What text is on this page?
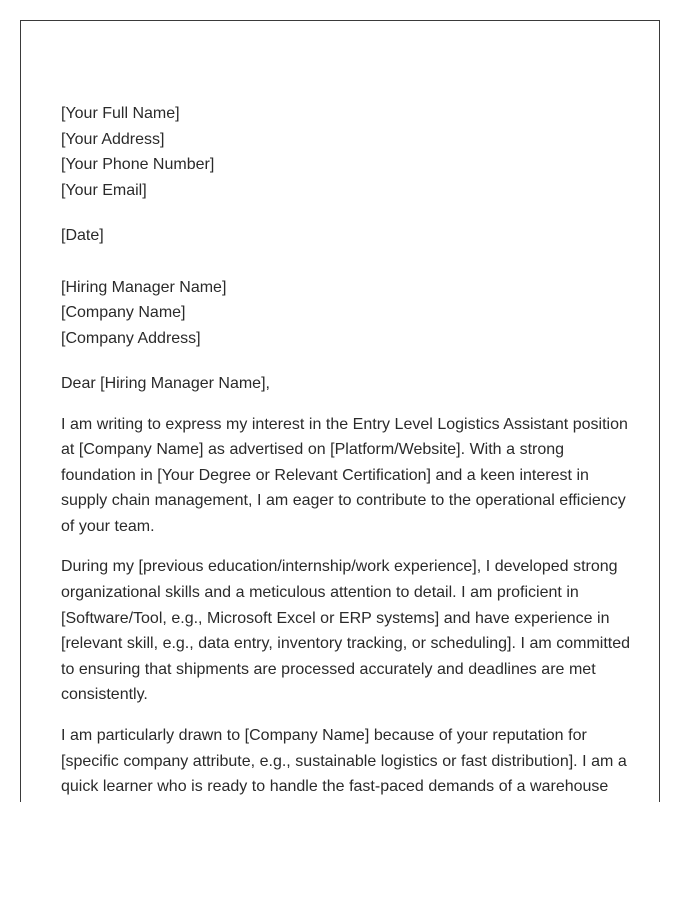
[Your Full Name]
[Your Address]
[Your Phone Number]
[Your Email]
[Date]
[Hiring Manager Name]
[Company Name]
[Company Address]
Dear [Hiring Manager Name],
I am writing to express my interest in the Entry Level Logistics Assistant position at [Company Name] as advertised on [Platform/Website]. With a strong foundation in [Your Degree or Relevant Certification] and a keen interest in supply chain management, I am eager to contribute to the operational efficiency of your team.
During my [previous education/internship/work experience], I developed strong organizational skills and a meticulous attention to detail. I am proficient in [Software/Tool, e.g., Microsoft Excel or ERP systems] and have experience in [relevant skill, e.g., data entry, inventory tracking, or scheduling]. I am committed to ensuring that shipments are processed accurately and deadlines are met consistently.
I am particularly drawn to [Company Name] because of your reputation for [specific company attribute, e.g., sustainable logistics or fast distribution]. I am a quick learner who is ready to handle the fast-paced demands of a warehouse
